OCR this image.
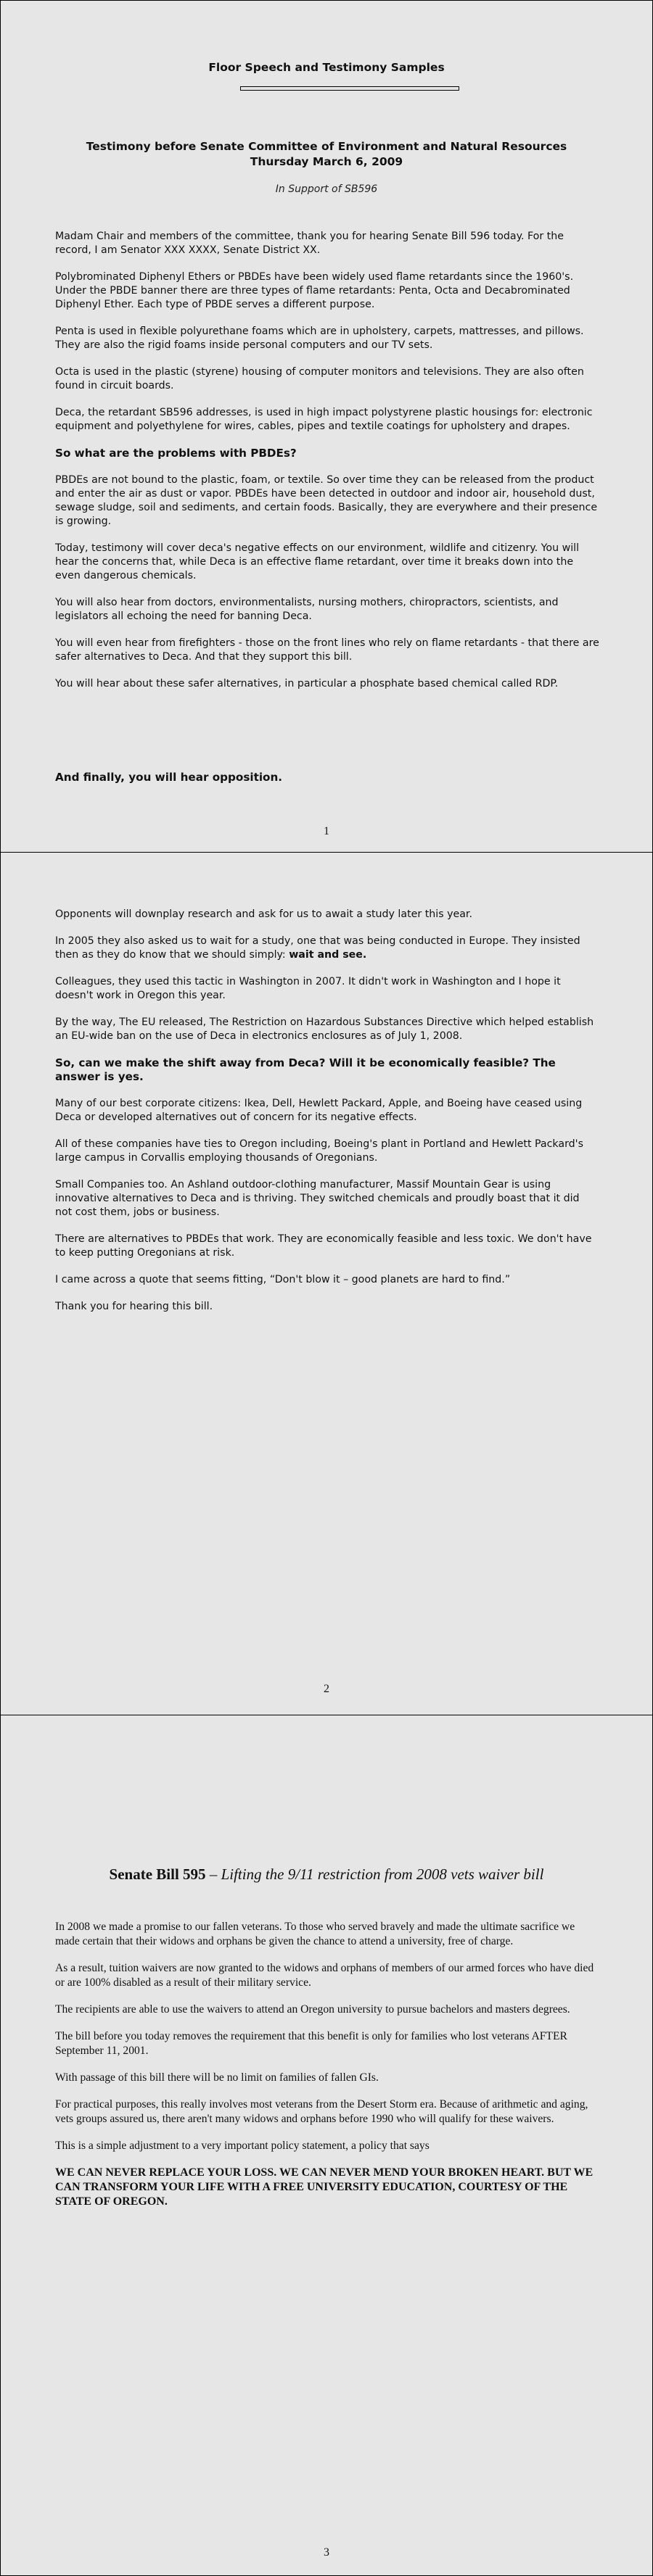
Floor Speech and Testimony Samples
Testimony before Senate Committee of Environment and Natural Resources
Thursday March 6, 2009
In Support of SB596

Madam Chair and members of the committee, thank you for hearing Senate Bill 596 today. For the record, I am Senator XXX XXXX, Senate District XX.

Polybrominated Diphenyl Ethers or PBDEs have been widely used flame retardants since the 1960's. Under the PBDE banner there are three types of flame retardants: Penta, Octa and Decabrominated Diphenyl Ether. Each type of PBDE serves a different purpose.

Penta is used in flexible polyurethane foams which are in upholstery, carpets, mattresses, and pillows. They are also the rigid foams inside personal computers and our TV sets.

Octa is used in the plastic (styrene) housing of computer monitors and televisions. They are also often found in circuit boards.

Deca, the retardant SB596 addresses, is used in high impact polystyrene plastic housings for: electronic equipment and polyethylene for wires, cables, pipes and textile coatings for upholstery and drapes.

So what are the problems with PBDEs?

PBDEs are not bound to the plastic, foam, or textile. So over time they can be released from the product and enter the air as dust or vapor. PBDEs have been detected in outdoor and indoor air, household dust, sewage sludge, soil and sediments, and certain foods. Basically, they are everywhere and their presence is growing.

Today, testimony will cover deca's negative effects on our environment, wildlife and citizenry. You will hear the concerns that, while Deca is an effective flame retardant, over time it breaks down into the even dangerous chemicals.

You will also hear from doctors, environmentalists, nursing mothers, chiropractors, scientists, and legislators all echoing the need for banning Deca.

You will even hear from firefighters - those on the front lines who rely on flame retardants - that there are safer alternatives to Deca. And that they support this bill.

You will hear about these safer alternatives, in particular a phosphate based chemical called RDP.

And finally, you will hear opposition.

1

Opponents will downplay research and ask for us to await a study later this year.

In 2005 they also asked us to wait for a study, one that was being conducted in Europe. They insisted then as they do know that we should simply: wait and see.

Colleagues, they used this tactic in Washington in 2007. It didn't work in Washington and I hope it doesn't work in Oregon this year.

By the way, The EU released, The Restriction on Hazardous Substances Directive which helped establish an EU-wide ban on the use of Deca in electronics enclosures as of July 1, 2008.

So, can we make the shift away from Deca? Will it be economically feasible? The answer is yes.

Many of our best corporate citizens: Ikea, Dell, Hewlett Packard, Apple, and Boeing have ceased using Deca or developed alternatives out of concern for its negative effects.

All of these companies have ties to Oregon including, Boeing's plant in Portland and Hewlett Packard's large campus in Corvallis employing thousands of Oregonians.

Small Companies too. An Ashland outdoor-clothing manufacturer, Massif Mountain Gear is using innovative alternatives to Deca and is thriving. They switched chemicals and proudly boast that it did not cost them, jobs or business.

There are alternatives to PBDEs that work. They are economically feasible and less toxic. We don't have to keep putting Oregonians at risk.

I came across a quote that seems fitting, “Don't blow it – good planets are hard to find.”

Thank you for hearing this bill.

2
Senate Bill 595 – Lifting the 9/11 restriction from 2008 vets waiver bill

In 2008 we made a promise to our fallen veterans. To those who served bravely and made the ultimate sacrifice we made certain that their widows and orphans be given the chance to attend a university, free of charge.

As a result, tuition waivers are now granted to the widows and orphans of members of our armed forces who have died or are 100% disabled as a result of their military service.

The recipients are able to use the waivers to attend an Oregon university to pursue bachelors and masters degrees.

The bill before you today removes the requirement that this benefit is only for families who lost veterans AFTER September 11, 2001.

With passage of this bill there will be no limit on families of fallen GIs.

For practical purposes, this really involves most veterans from the Desert Storm era. Because of arithmetic and aging, vets groups assured us, there aren't many widows and orphans before 1990 who will qualify for these waivers.

This is a simple adjustment to a very important policy statement, a policy that says

WE CAN NEVER REPLACE YOUR LOSS. WE CAN NEVER MEND YOUR BROKEN HEART. BUT WE CAN TRANSFORM YOUR LIFE WITH A FREE UNIVERSITY EDUCATION, COURTESY OF THE STATE OF OREGON.

3
